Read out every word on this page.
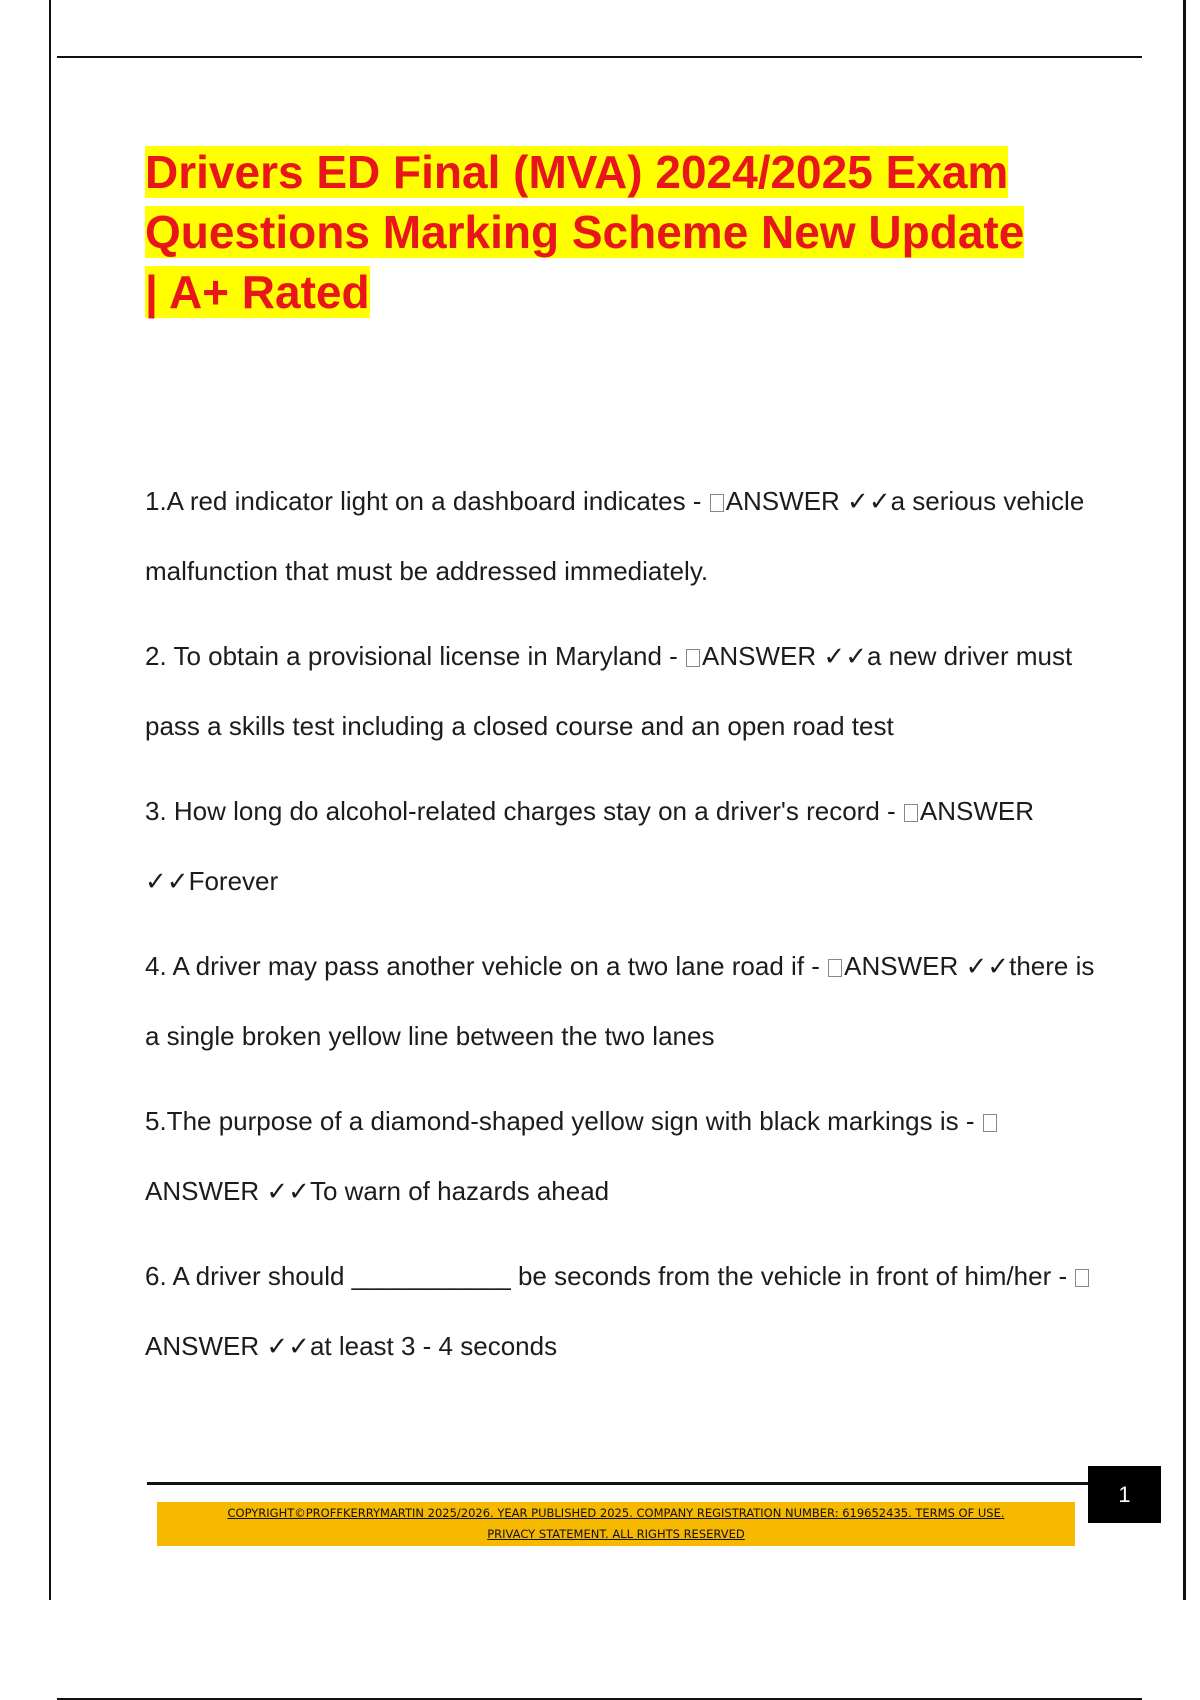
Drivers ED Final (MVA) 2024/2025 Exam
Questions Marking Scheme New Update
| A+ Rated
1.A red indicator light on a dashboard indicates - ANSWER ✓✓a serious vehicle malfunction that must be addressed immediately.
2. To obtain a provisional license in Maryland - ANSWER ✓✓a new driver must pass a skills test including a closed course and an open road test
3. How long do alcohol-related charges stay on a driver's record - ANSWER ✓✓Forever
4. A driver may pass another vehicle on a two lane road if - ANSWER ✓✓there is a single broken yellow line between the two lanes
5.The purpose of a diamond-shaped yellow sign with black markings is - ANSWER ✓✓To warn of hazards ahead
6. A driver should ___________ be seconds from the vehicle in front of him/her - ANSWER ✓✓at least 3 - 4 seconds
1
COPYRIGHT©PROFFKERRYMARTIN 2025/2026. YEAR PUBLISHED 2025. COMPANY REGISTRATION NUMBER: 619652435. TERMS OF USE.
PRIVACY STATEMENT. ALL RIGHTS RESERVED
